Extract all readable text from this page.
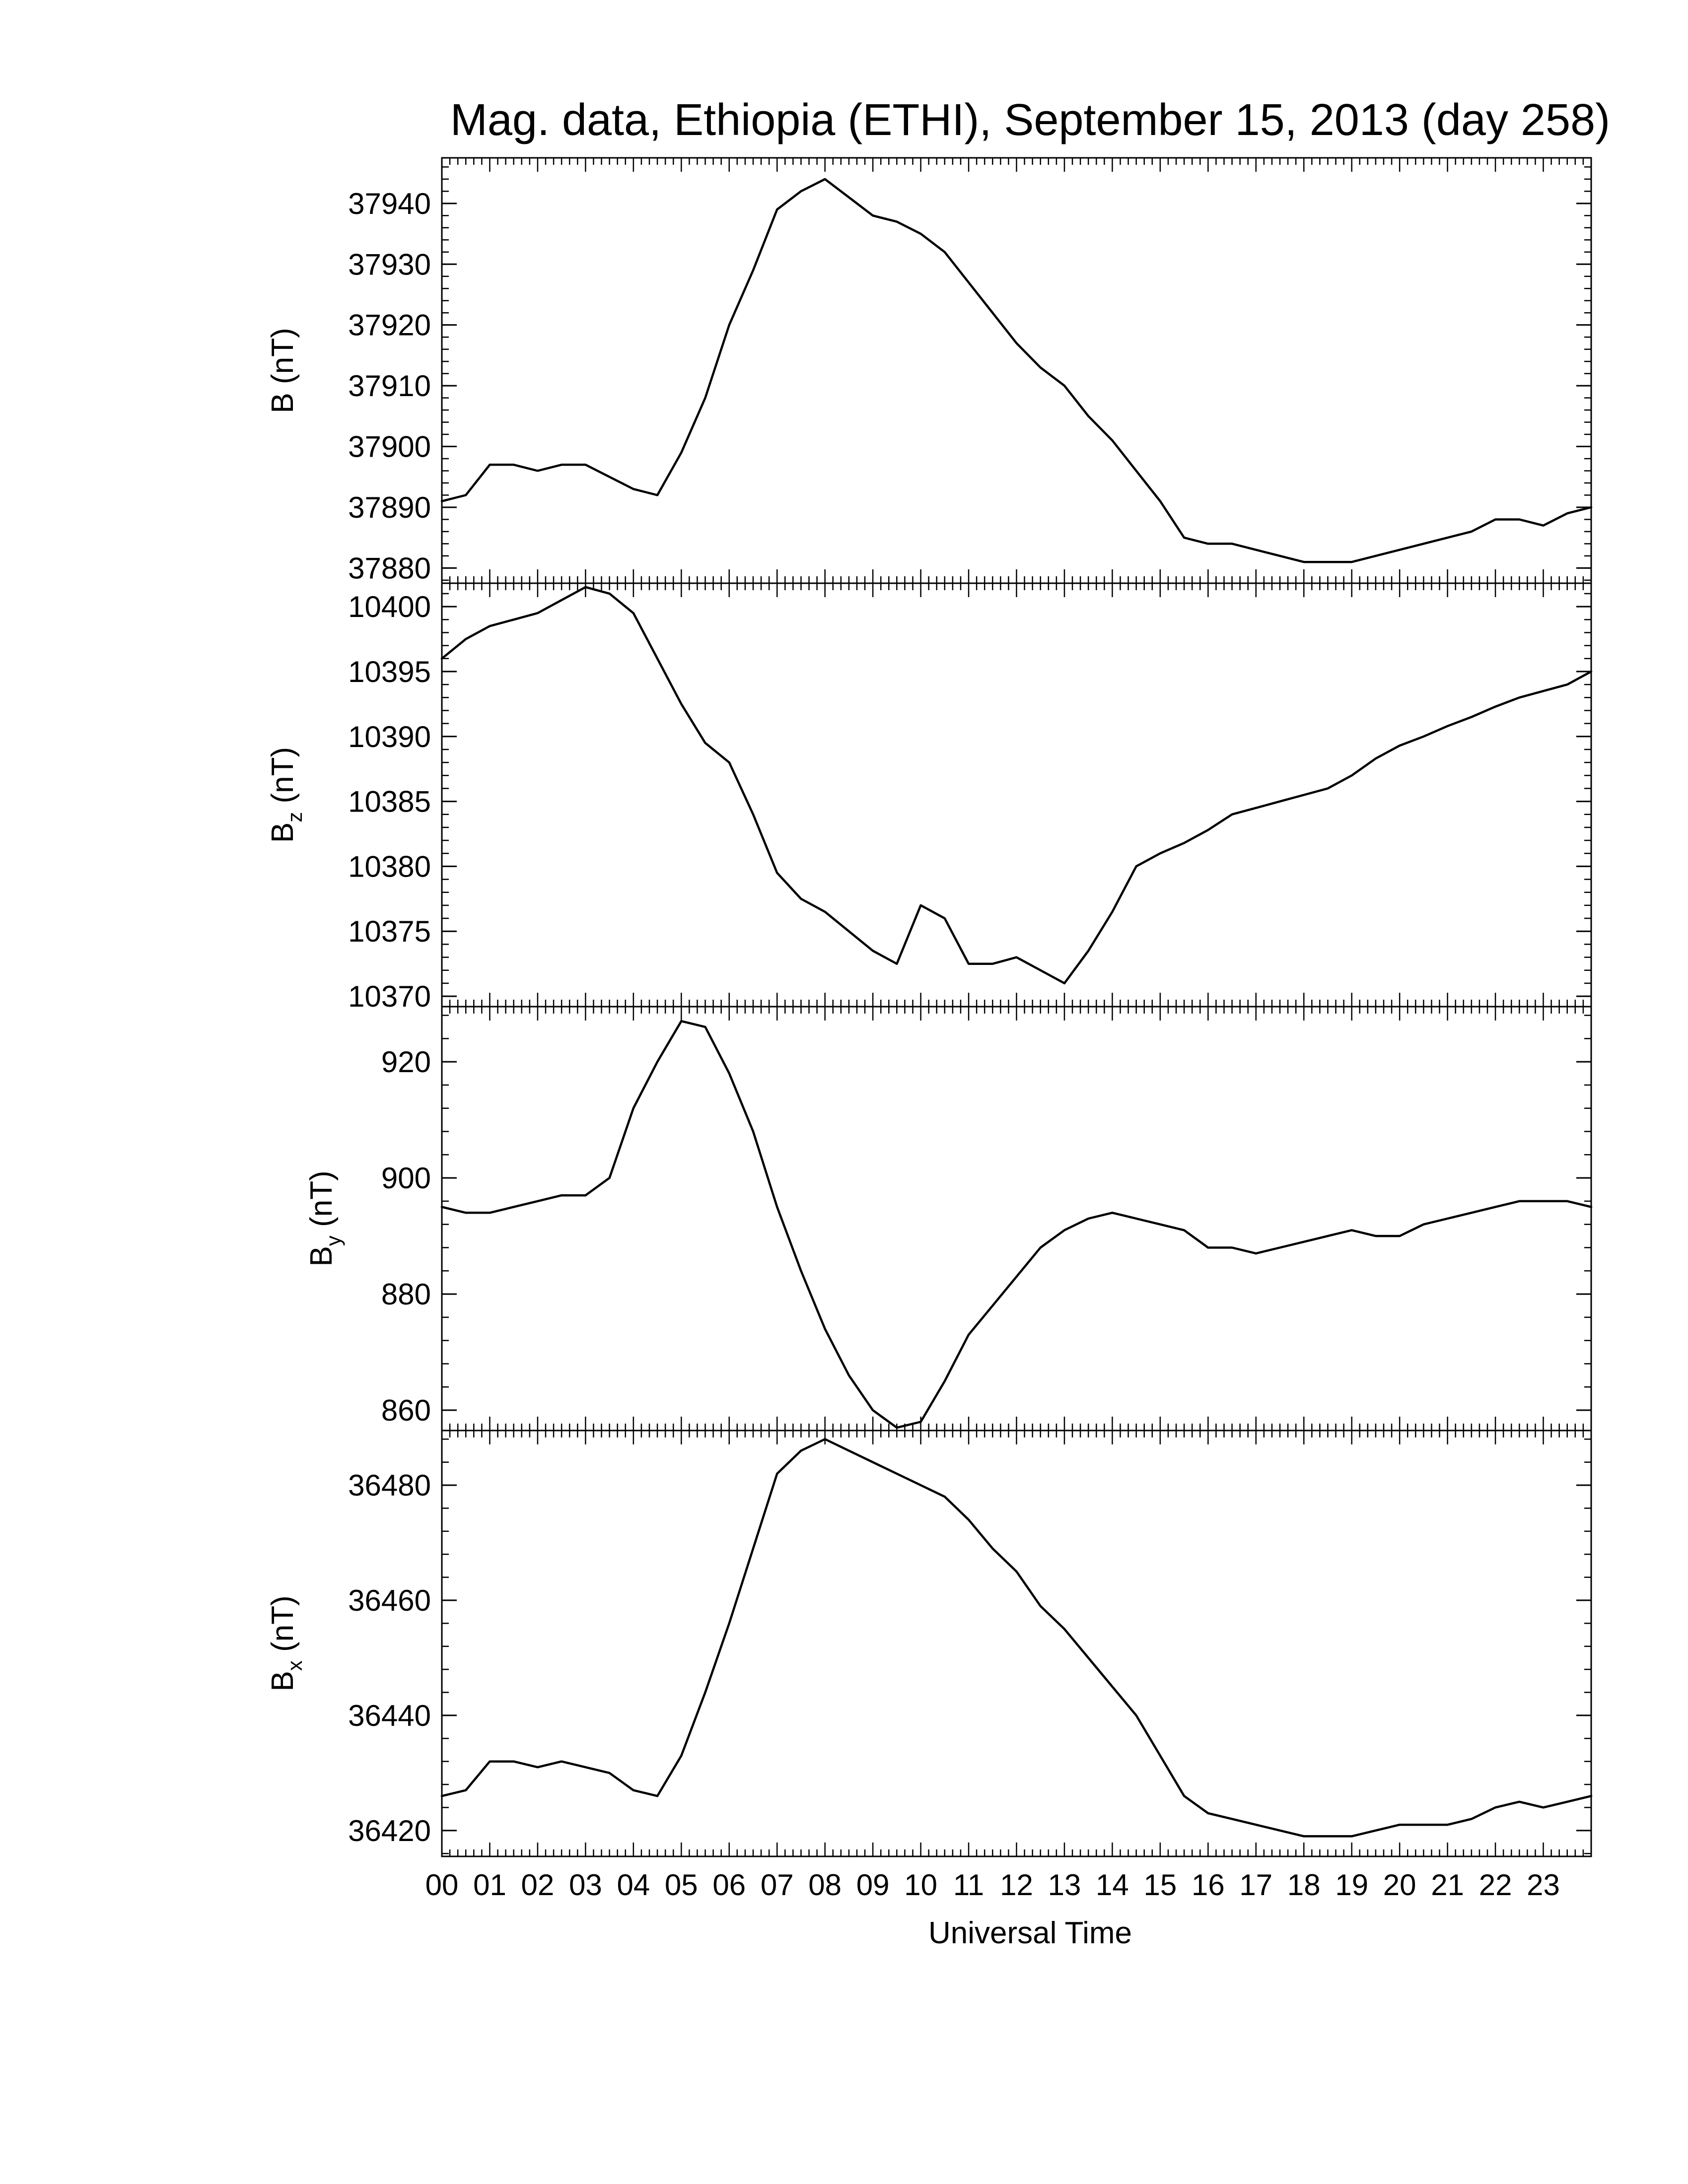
Mag. data, Ethiopia (ETHI), September 15, 2013 (day 258)
37880
37890
37900
37910
37920
37930
37940
B (nT)
10370
10375
10380
10385
10390
10395
10400
$B_z$ (nT)
860
880
900
920
$B_y$ (nT)
36420
36440
36460
36480
$B_x$ (nT)
00 01 02 03 04 05 06 07 08 09 10 11 12 13 14 15 16 17 18 19 20 21 22 23
Universal Time
